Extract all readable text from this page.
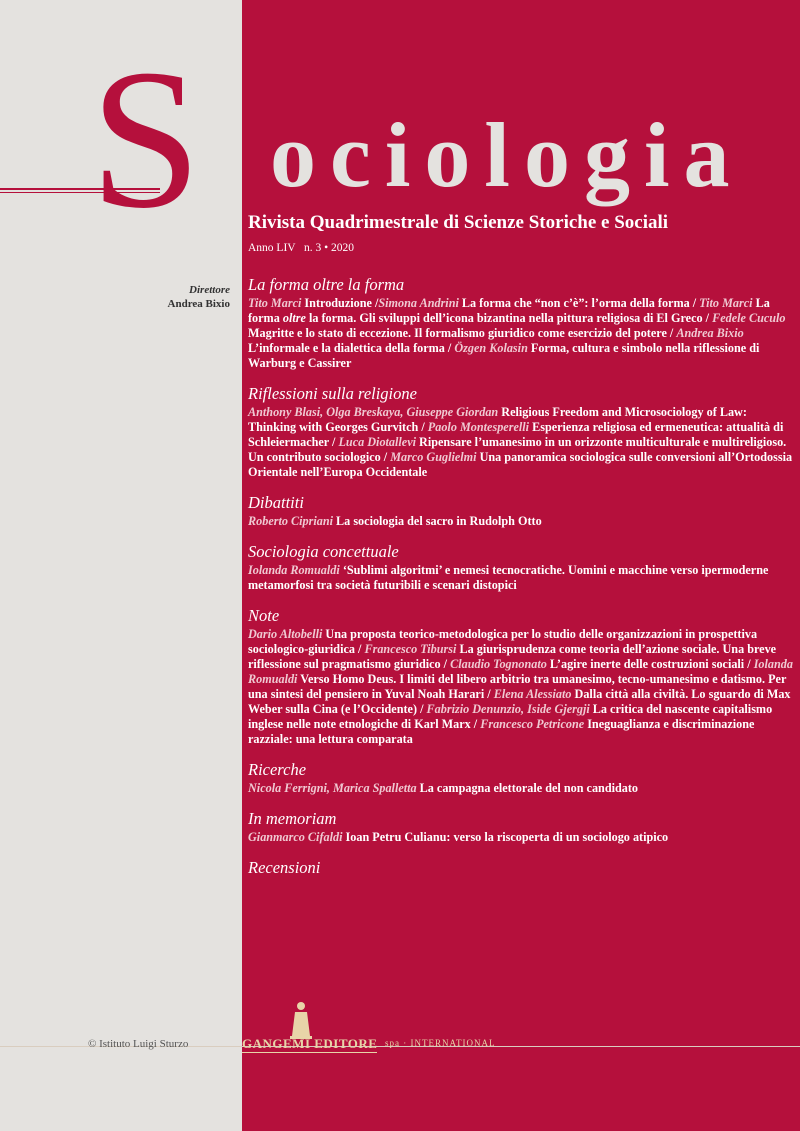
S ociologia
Rivista Quadrimestrale di Scienze Storiche e Sociali
Anno LIV   n. 3 • 2020
Direttore
Andrea Bixio
La forma oltre la forma
Tito Marci Introduzione /Simona Andrini La forma che “non c’è”: l’orma della forma / Tito Marci La forma oltre la forma. Gli sviluppi dell’icona bizantina nella pittura religiosa di El Greco / Fedele Cuculo Magritte e lo stato di eccezione. Il formalismo giuridico come esercizio del potere / Andrea Bixio L’informale e la dialettica della forma / Özgen Kolasin Forma, cultura e simbolo nella riflessione di Warburg e Cassirer
Riflessioni sulla religione
Anthony Blasi, Olga Breskaya, Giuseppe Giordan Religious Freedom and Microsociology of Law: Thinking with Georges Gurvitch / Paolo Montesperelli Esperienza religiosa ed ermeneutica: attualità di Schleiermacher / Luca Diotallevi Ripensare l’umanesimo in un orizzonte multiculturale e multireligioso. Un contributo sociologico / Marco Guglielmi Una panoramica sociologica sulle conversioni all’Ortodossia Orientale nell’Europa Occidentale
Dibattiti
Roberto Cipriani La sociologia del sacro in Rudolph Otto
Sociologia concettuale
Iolanda Romualdi ‘Sublimi algoritmi’ e nemesi tecnocratiche. Uomini e macchine verso ipermoderne metamorfosi tra società futuribili e scenari distopici
Note
Dario Altobelli Una proposta teorico-metodologica per lo studio delle organizzazioni in prospettiva sociologico-giuridica / Francesco Tibursi La giurisprudenza come teoria dell’azione sociale. Una breve riflessione sul pragmatismo giuridico / Claudio Tognonato L’agire inerte delle costruzioni sociali / Iolanda Romualdi Verso Homo Deus. I limiti del libero arbitrio tra umanesimo, tecno-umanesimo e datismo. Per una sintesi del pensiero in Yuval Noah Harari / Elena Alessiato Dalla città alla civiltà. Lo sguardo di Max Weber sulla Cina (e l’Occidente) / Fabrizio Denunzio, Iside Gjergji La critica del nascente capitalismo inglese nelle note etnologiche di Karl Marx / Francesco Petricone Ineguaglianza e discriminazione razziale: una lettura comparata
Ricerche
Nicola Ferrigni, Marica Spalletta La campagna elettorale del non candidato
In memoriam
Gianmarco Cifaldi Ioan Petru Culianu: verso la riscoperta di un sociologo atipico
Recensioni
© Istituto Luigi Sturzo	GANGEMI EDITORE spa · INTERNATIONAL
